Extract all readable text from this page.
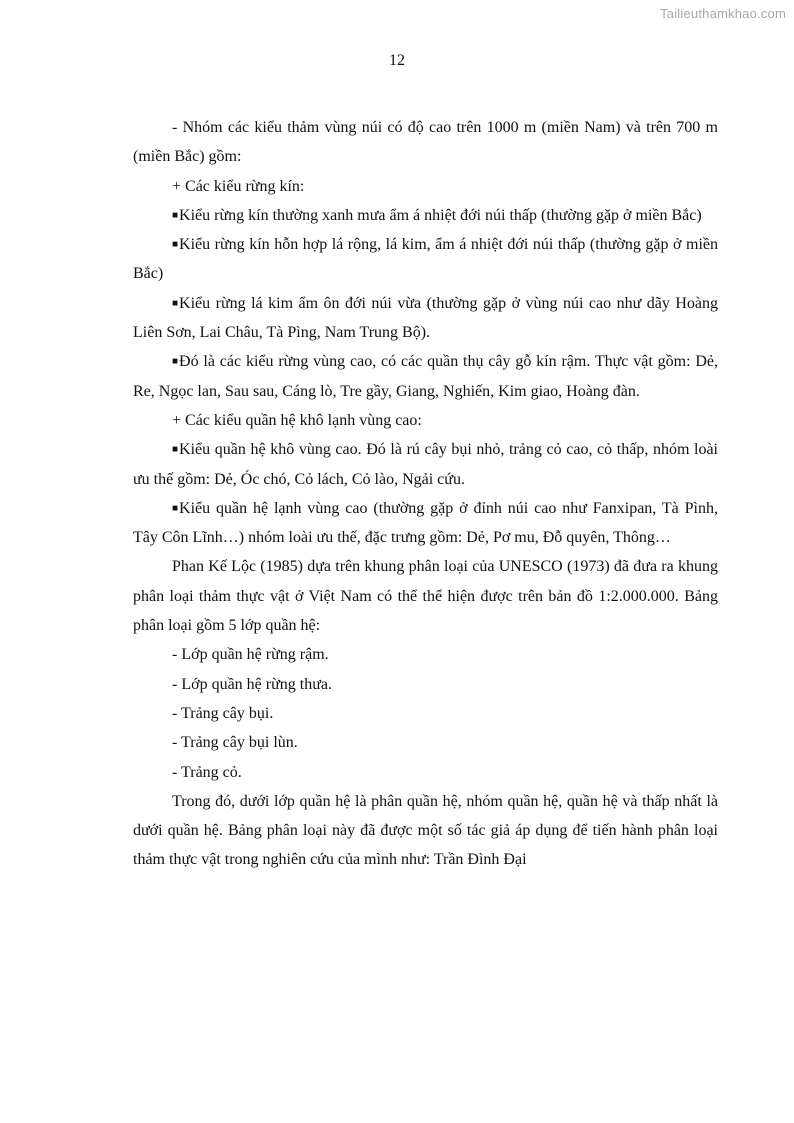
Tailieuthamkhao.com
12

- Nhóm các kiểu thảm vùng núi có độ cao trên 1000 m (miền Nam) và trên 700 m (miền Bắc) gồm:

+ Các kiểu rừng kín:

■Kiểu rừng kín thường xanh mưa ẩm á nhiệt đới núi thấp (thường gặp ở miền Bắc)

■Kiểu rừng kín hỗn hợp lá rộng, lá kim, ẩm á nhiệt đới núi thấp (thường gặp ở miền Bắc)

■Kiểu rừng lá kim ẩm ôn đới núi vừa (thường gặp ở vùng núi cao như dãy Hoàng Liên Sơn, Lai Châu, Tà Pìng, Nam Trung Bộ).

■Đó là các kiểu rừng vùng cao, có các quần thụ cây gỗ kín rậm. Thực vật gồm: Dẻ, Re, Ngọc lan, Sau sau, Cáng lò, Tre gầy, Giang, Nghiến, Kim giao, Hoàng đàn.

+ Các kiểu quần hệ khô lạnh vùng cao:

■Kiểu quần hệ khô vùng cao. Đó là rú cây bụi nhỏ, trảng cỏ cao, cỏ thấp, nhóm loài ưu thế gồm: Dẻ, Óc chó, Cỏ lách, Cỏ lào, Ngải cứu.

■Kiểu quần hệ lạnh vùng cao (thường gặp ở đỉnh núi cao như Fanxipan, Tà Pình, Tây Côn Lĩnh…) nhóm loài ưu thế, đặc trưng gồm: Dẻ, Pơ mu, Đỗ quyên, Thông…

Phan Kế Lộc (1985) dựa trên khung phân loại của UNESCO (1973) đã đưa ra khung phân loại thảm thực vật ở Việt Nam có thể thể hiện được trên bản đồ 1:2.000.000. Bảng phân loại gồm 5 lớp quần hệ:

- Lớp quần hệ rừng rậm.

- Lớp quần hệ rừng thưa.

- Trảng cây bụi.

- Trảng cây bụi lùn.

- Trảng cỏ.

Trong đó, dưới lớp quần hệ là phân quần hệ, nhóm quần hệ, quần hệ và thấp nhất là dưới quần hệ. Bảng phân loại này đã được một số tác giả áp dụng để tiến hành phân loại thảm thực vật trong nghiên cứu của mình như: Trần Đình Đại
